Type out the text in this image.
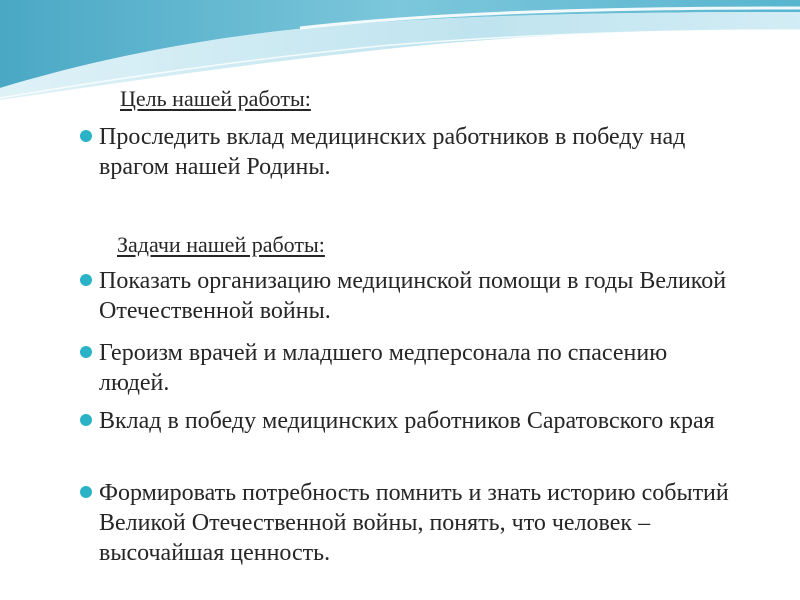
Цель нашей работы:
Проследить вклад медицинских работников в победу над врагом нашей Родины.
Задачи нашей работы:
Показать организацию медицинской помощи в годы Великой Отечественной войны.
Героизм врачей и младшего медперсонала по спасению людей.
Вклад в победу медицинских работников Саратовского края
Формировать потребность помнить и знать историю событий Великой Отечественной войны, понять, что человек – высочайшая ценность.
